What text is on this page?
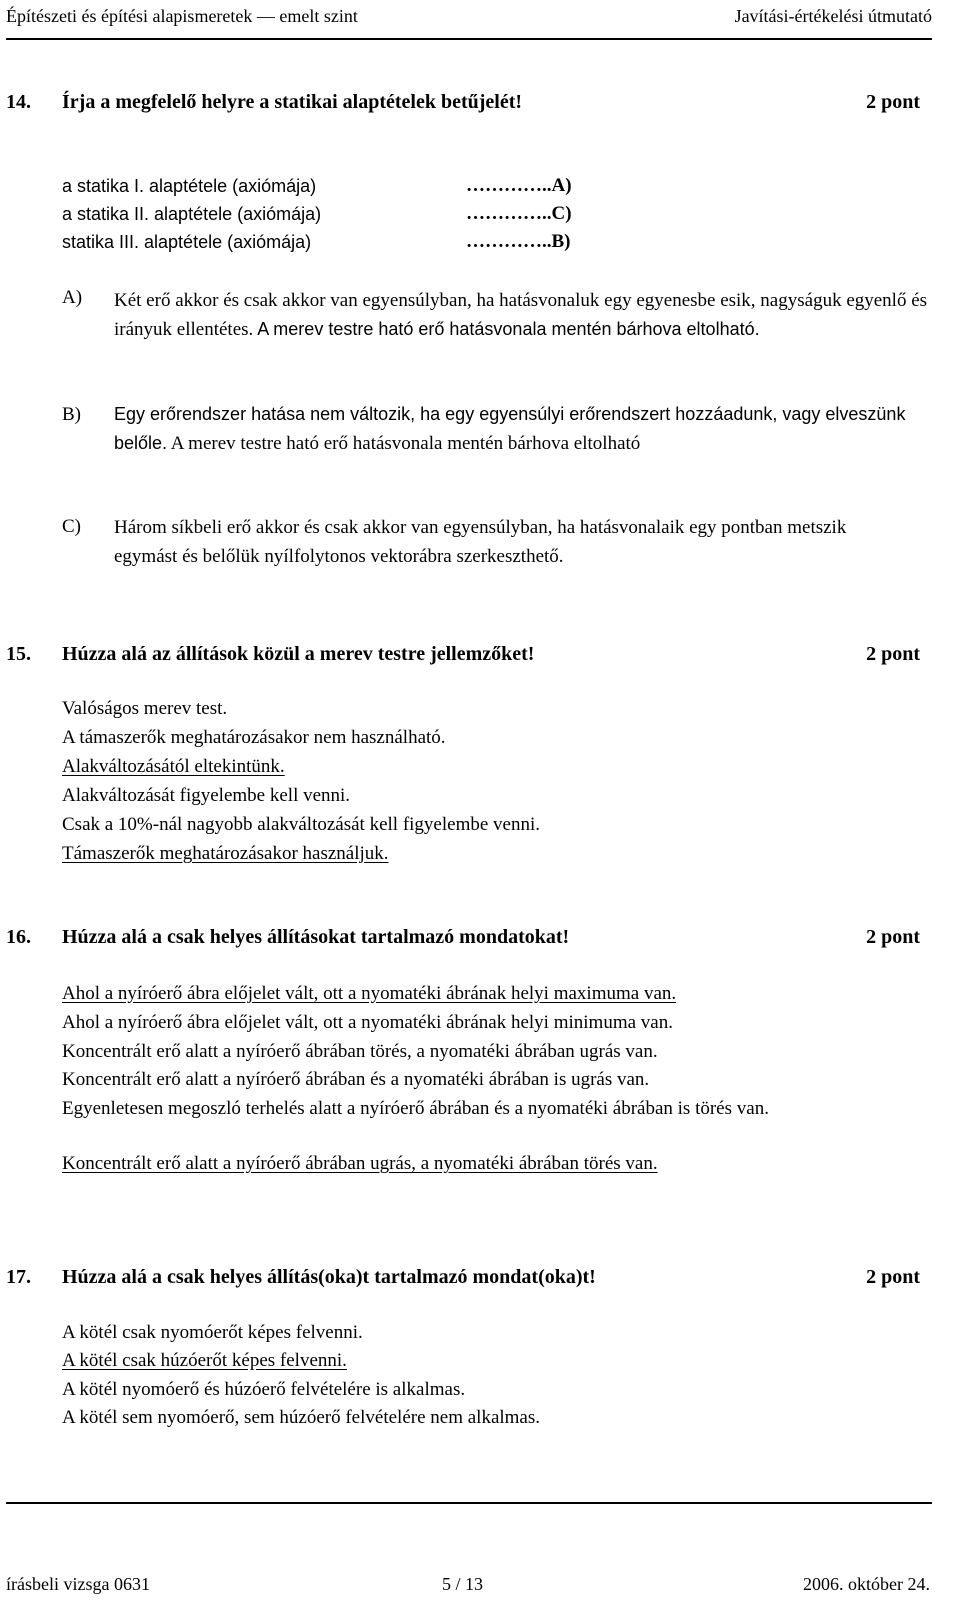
Építészeti és építési alapismeretek — emelt szint	Javítási-értékelési útmutató
14. Írja a megfelelő helyre a statikai alaptételek betűjelét!	2 pont
a statika I. alaptétele (axiómája)	…………..A)
a statika II. alaptétele (axiómája)	…………..C)
statika III. alaptétele (axiómája)	…………..B)
A) Két erő akkor és csak akkor van egyensúlyban, ha hatásvonaluk egy egyenesbe esik, nagyságuk egyenlő és irányuk ellentétes. A merev testre ható erő hatásvonala mentén bárhova eltolható.
B) Egy erőrendszer hatása nem változik, ha egy egyensúlyi erőrendszert hozzáadunk, vagy elveszünk belőle. A merev testre ható erő hatásvonala mentén bárhova eltolható
C) Három síkbeli erő akkor és csak akkor van egyensúlyban, ha hatásvonalaik egy pontban metszik egymást és belőlük nyílfolytonos vektorábra szerkeszthető.
15. Húzza alá az állítások közül a merev testre jellemzőket!	2 pont
Valóságos merev test.
A támaszerők meghatározásakor nem használható.
Alakváltozásától eltekintünk.
Alakváltozását figyelembe kell venni.
Csak a 10%-nál nagyobb alakváltozását kell figyelembe venni.
Támaszerők meghatározásakor használjuk.
16. Húzza alá a csak helyes állításokat tartalmazó mondatokat!	2 pont
Ahol a nyíróerő ábra előjelet vált, ott a nyomatéki ábrának helyi maximuma van.
Ahol a nyíróerő ábra előjelet vált, ott a nyomatéki ábrának helyi minimuma van.
Koncentrált erő alatt a nyíróerő ábrában törés, a nyomatéki ábrában ugrás van.
Koncentrált erő alatt a nyíróerő ábrában és a nyomatéki ábrában is ugrás van.
Egyenletesen megoszló terhelés alatt a nyíróerő ábrában és a nyomatéki ábrában is törés van.
Koncentrált erő alatt a nyíróerő ábrában ugrás, a nyomatéki ábrában törés van.
17. Húzza alá a csak helyes állítás(oka)t tartalmazó mondat(oka)t!	2 pont
A kötél csak nyomóerőt képes felvenni.
A kötél csak húzóerőt képes felvenni.
A kötél nyomóerő és húzóerő felvételére is alkalmas.
A kötél sem nyomóerő, sem húzóerő felvételére nem alkalmas.
írásbeli vizsga 0631	5 / 13	2006. október 24.
